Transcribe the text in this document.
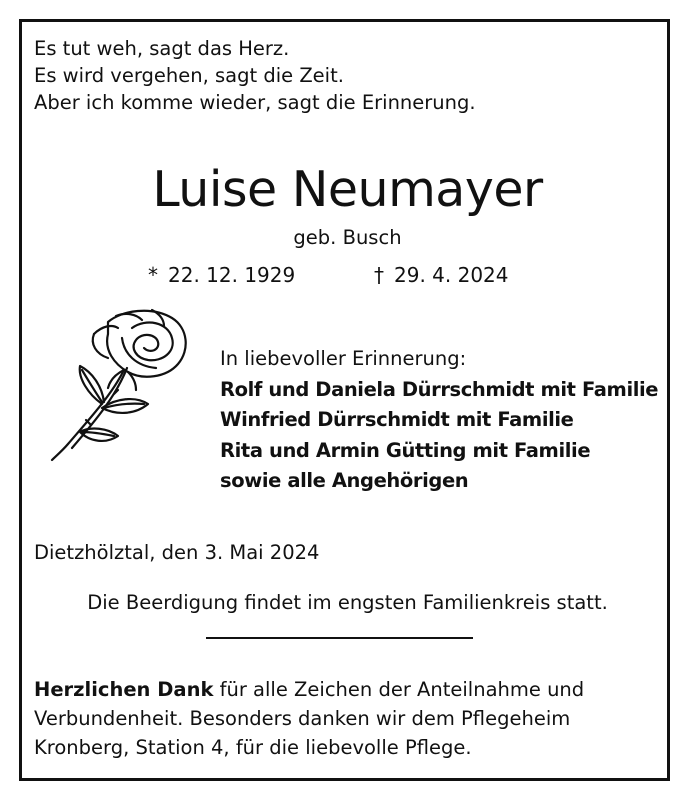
Es tut weh, sagt das Herz.
Es wird vergehen, sagt die Zeit.
Aber ich komme wieder, sagt die Erinnerung.
Luise Neumayer
geb. Busch
* 22. 12. 1929	† 29. 4. 2024
In liebevoller Erinnerung:
Rolf und Daniela Dürrschmidt mit Familie
Winfried Dürrschmidt mit Familie
Rita und Armin Gütting mit Familie
sowie alle Angehörigen
Dietzhölztal, den 3. Mai 2024
Die Beerdigung findet im engsten Familienkreis statt.
Herzlichen Dank für alle Zeichen der Anteilnahme und
Verbundenheit. Besonders danken wir dem Pflegeheim
Kronberg, Station 4, für die liebevolle Pflege.
